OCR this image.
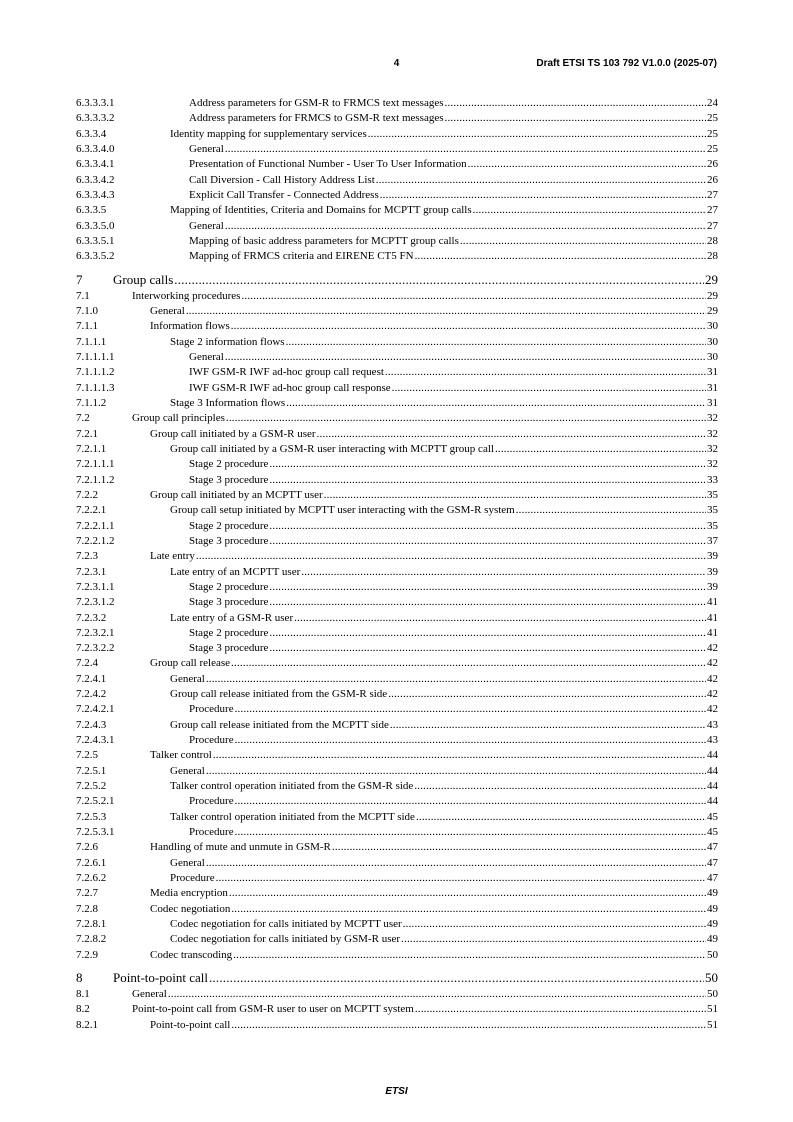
4	Draft ETSI TS 103 792 V1.0.0 (2025-07)
6.3.3.3.1	Address parameters for GSM-R to FRMCS text messages .....	24
6.3.3.3.2	Address parameters for FRMCS to GSM-R text messages .....	25
6.3.3.4	Identity mapping for supplementary services .....	25
6.3.3.4.0	General .....	25
6.3.3.4.1	Presentation of Functional Number - User To User Information .....	26
6.3.3.4.2	Call Diversion - Call History Address List .....	26
6.3.3.4.3	Explicit Call Transfer - Connected Address .....	27
6.3.3.5	Mapping of Identities, Criteria and Domains for MCPTT group calls .....	27
6.3.3.5.0	General .....	27
6.3.3.5.1	Mapping of basic address parameters for MCPTT group calls .....	28
6.3.3.5.2	Mapping of FRMCS criteria and EIRENE CT5 FN .....	28
7 Group calls .....	29
7.1	Interworking procedures .....	29
7.1.0	General .....	29
7.1.1	Information flows .....	30
7.1.1.1	Stage 2 information flows .....	30
7.1.1.1.1	General .....	30
7.1.1.1.2	IWF GSM-R IWF ad-hoc group call request .....	31
7.1.1.1.3	IWF GSM-R IWF ad-hoc group call response .....	31
7.1.1.2	Stage 3 Information flows .....	31
7.2	Group call principles .....	32
7.2.1	Group call initiated by a GSM-R user .....	32
7.2.1.1	Group call initiated by a GSM-R user interacting with MCPTT group call .....	32
7.2.1.1.1	Stage 2 procedure .....	32
7.2.1.1.2	Stage 3 procedure .....	33
7.2.2	Group call initiated by an MCPTT user .....	35
7.2.2.1	Group call setup initiated by MCPTT user interacting with the GSM-R system .....	35
7.2.2.1.1	Stage 2 procedure .....	35
7.2.2.1.2	Stage 3 procedure .....	37
7.2.3	Late entry .....	39
7.2.3.1	Late entry of an MCPTT user .....	39
7.2.3.1.1	Stage 2 procedure .....	39
7.2.3.1.2	Stage 3 procedure .....	41
7.2.3.2	Late entry of a GSM-R user .....	41
7.2.3.2.1	Stage 2 procedure .....	41
7.2.3.2.2	Stage 3 procedure .....	42
7.2.4	Group call release .....	42
7.2.4.1	General .....	42
7.2.4.2	Group call release initiated from the GSM-R side .....	42
7.2.4.2.1	Procedure .....	42
7.2.4.3	Group call release initiated from the MCPTT side .....	43
7.2.4.3.1	Procedure .....	43
7.2.5	Talker control .....	44
7.2.5.1	General .....	44
7.2.5.2	Talker control operation initiated from the GSM-R side .....	44
7.2.5.2.1	Procedure .....	44
7.2.5.3	Talker control operation initiated from the MCPTT side .....	45
7.2.5.3.1	Procedure .....	45
7.2.6	Handling of mute and unmute in GSM-R .....	47
7.2.6.1	General .....	47
7.2.6.2	Procedure .....	47
7.2.7	Media encryption .....	49
7.2.8	Codec negotiation .....	49
7.2.8.1	Codec negotiation for calls initiated by MCPTT user .....	49
7.2.8.2	Codec negotiation for calls initiated by GSM-R user .....	49
7.2.9	Codec transcoding .....	50
8 Point-to-point call .....	50
8.1	General .....	50
8.2	Point-to-point call from GSM-R user to user on MCPTT system .....	51
8.2.1	Point-to-point call .....	51
ETSI
